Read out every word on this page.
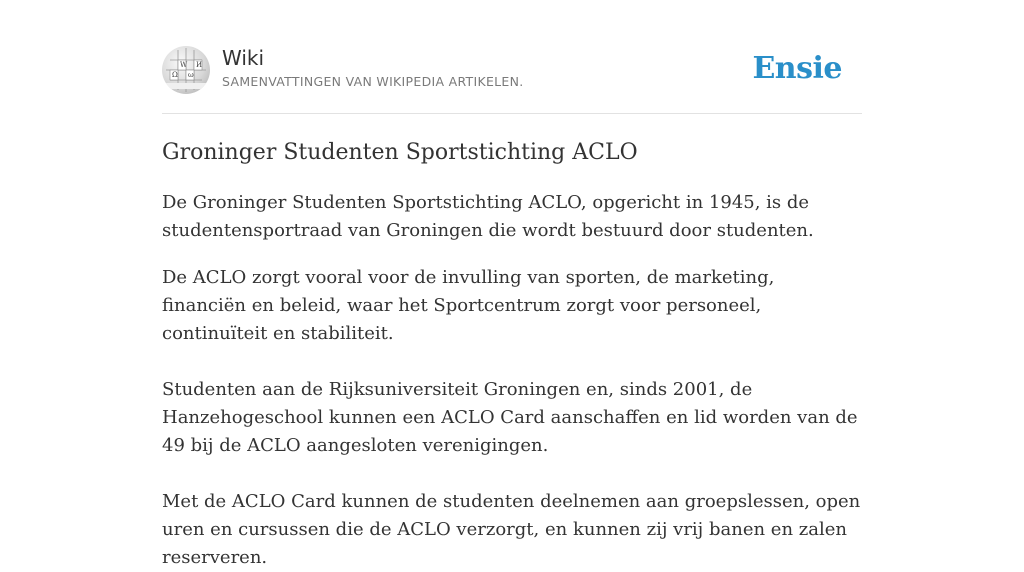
W
ω
Ω
И Wiki
SAMENVATTINGEN VAN WIKIPEDIA ARTIKELEN.	Ensie
Groninger Studenten Sportstichting ACLO

De Groninger Studenten Sportstichting ACLO, opgericht in 1945, is de studentensportraad van Groningen die wordt bestuurd door studenten.

De ACLO zorgt vooral voor de invulling van sporten, de marketing, financiën en beleid, waar het Sportcentrum zorgt voor personeel, continuïteit en stabiliteit.

Studenten aan de Rijksuniversiteit Groningen en, sinds 2001, de Hanzehogeschool kunnen een ACLO Card aanschaffen en lid worden van de 49 bij de ACLO aangesloten verenigingen.

Met de ACLO Card kunnen de studenten deelnemen aan groepslessen, open uren en cursussen die de ACLO verzorgt, en kunnen zij vrij banen en zalen reserveren.
